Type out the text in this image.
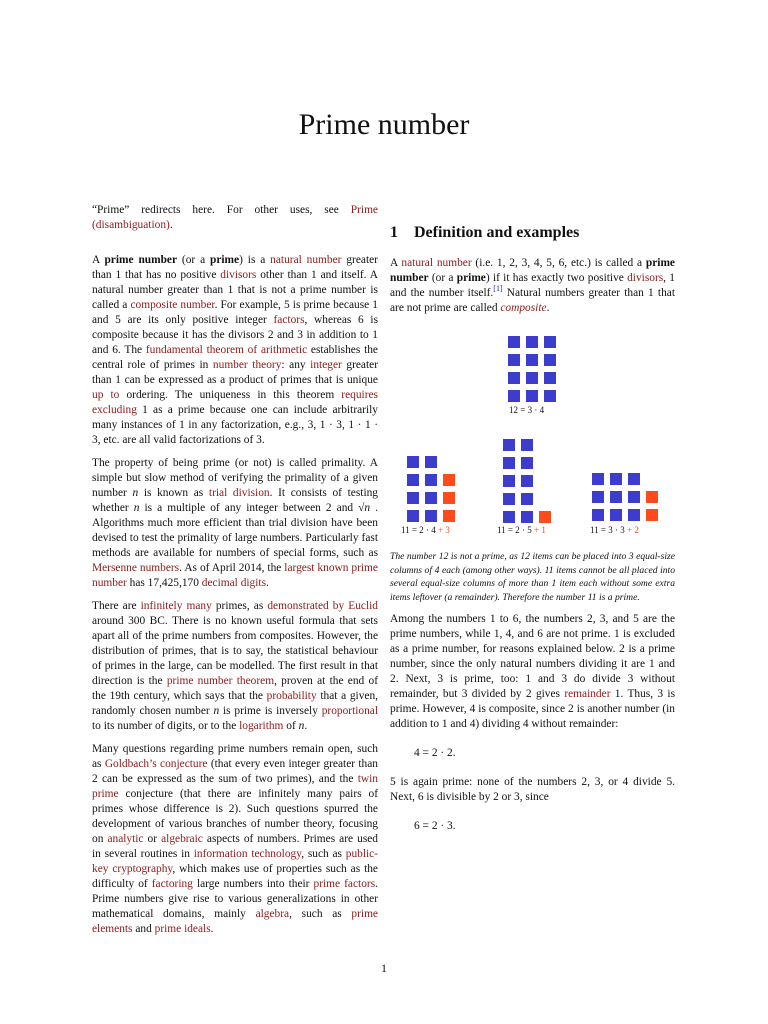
Prime number

“Prime” redirects here. For other uses, see Prime (disambiguation).

A prime number (or a prime) is a natural number greater than 1 that has no positive divisors other than 1 and itself. A natural number greater than 1 that is not a prime number is called a composite number. For example, 5 is prime because 1 and 5 are its only positive integer factors, whereas 6 is composite because it has the divisors 2 and 3 in addition to 1 and 6. The fundamental theorem of arithmetic establishes the central role of primes in number theory: any integer greater than 1 can be expressed as a product of primes that is unique up to ordering. The uniqueness in this theorem requires excluding 1 as a prime because one can include arbitrarily many instances of 1 in any factorization, e.g., 3, 1 · 3, 1 · 1 · 3, etc. are all valid factorizations of 3.

The property of being prime (or not) is called primality. A simple but slow method of verifying the primality of a given number n is known as trial division. It consists of testing whether n is a multiple of any integer between 2 and √n . Algorithms much more efficient than trial division have been devised to test the primality of large numbers. Particularly fast methods are available for numbers of special forms, such as Mersenne numbers. As of April 2014, the largest known prime number has 17,425,170 decimal digits.

There are infinitely many primes, as demonstrated by Euclid around 300 BC. There is no known useful formula that sets apart all of the prime numbers from composites. However, the distribution of primes, that is to say, the statistical behaviour of primes in the large, can be modelled. The first result in that direction is the prime number theorem, proven at the end of the 19th century, which says that the probability that a given, randomly chosen number n is prime is inversely proportional to its number of digits, or to the logarithm of n.

Many questions regarding prime numbers remain open, such as Goldbach’s conjecture (that every even integer greater than 2 can be expressed as the sum of two primes), and the twin prime conjecture (that there are infinitely many pairs of primes whose difference is 2). Such questions spurred the development of various branches of number theory, focusing on analytic or algebraic aspects of numbers. Primes are used in several routines in information technology, such as public-key cryptography, which makes use of properties such as the difficulty of factoring large numbers into their prime factors. Prime numbers give rise to various generalizations in other mathematical domains, mainly algebra, such as prime elements and prime ideals.

1 Definition and examples

A natural number (i.e. 1, 2, 3, 4, 5, 6, etc.) is called a prime number (or a prime) if it has exactly two positive divisors, 1 and the number itself.[1] Natural numbers greater than 1 that are not prime are called composite.

12 = 3 · 4
11 = 2 · 4 + 3	11 = 2 · 5 + 1	11 = 3 · 3 + 2

The number 12 is not a prime, as 12 items can be placed into 3 equal-size columns of 4 each (among other ways). 11 items cannot be all placed into several equal-size columns of more than 1 item each without some extra items leftover (a remainder). Therefore the number 11 is a prime.

Among the numbers 1 to 6, the numbers 2, 3, and 5 are the prime numbers, while 1, 4, and 6 are not prime. 1 is excluded as a prime number, for reasons explained below. 2 is a prime number, since the only natural numbers dividing it are 1 and 2. Next, 3 is prime, too: 1 and 3 do divide 3 without remainder, but 3 divided by 2 gives remainder 1. Thus, 3 is prime. However, 4 is composite, since 2 is another number (in addition to 1 and 4) dividing 4 without remainder:

4 = 2 · 2.

5 is again prime: none of the numbers 2, 3, or 4 divide 5. Next, 6 is divisible by 2 or 3, since

6 = 2 · 3.
1
